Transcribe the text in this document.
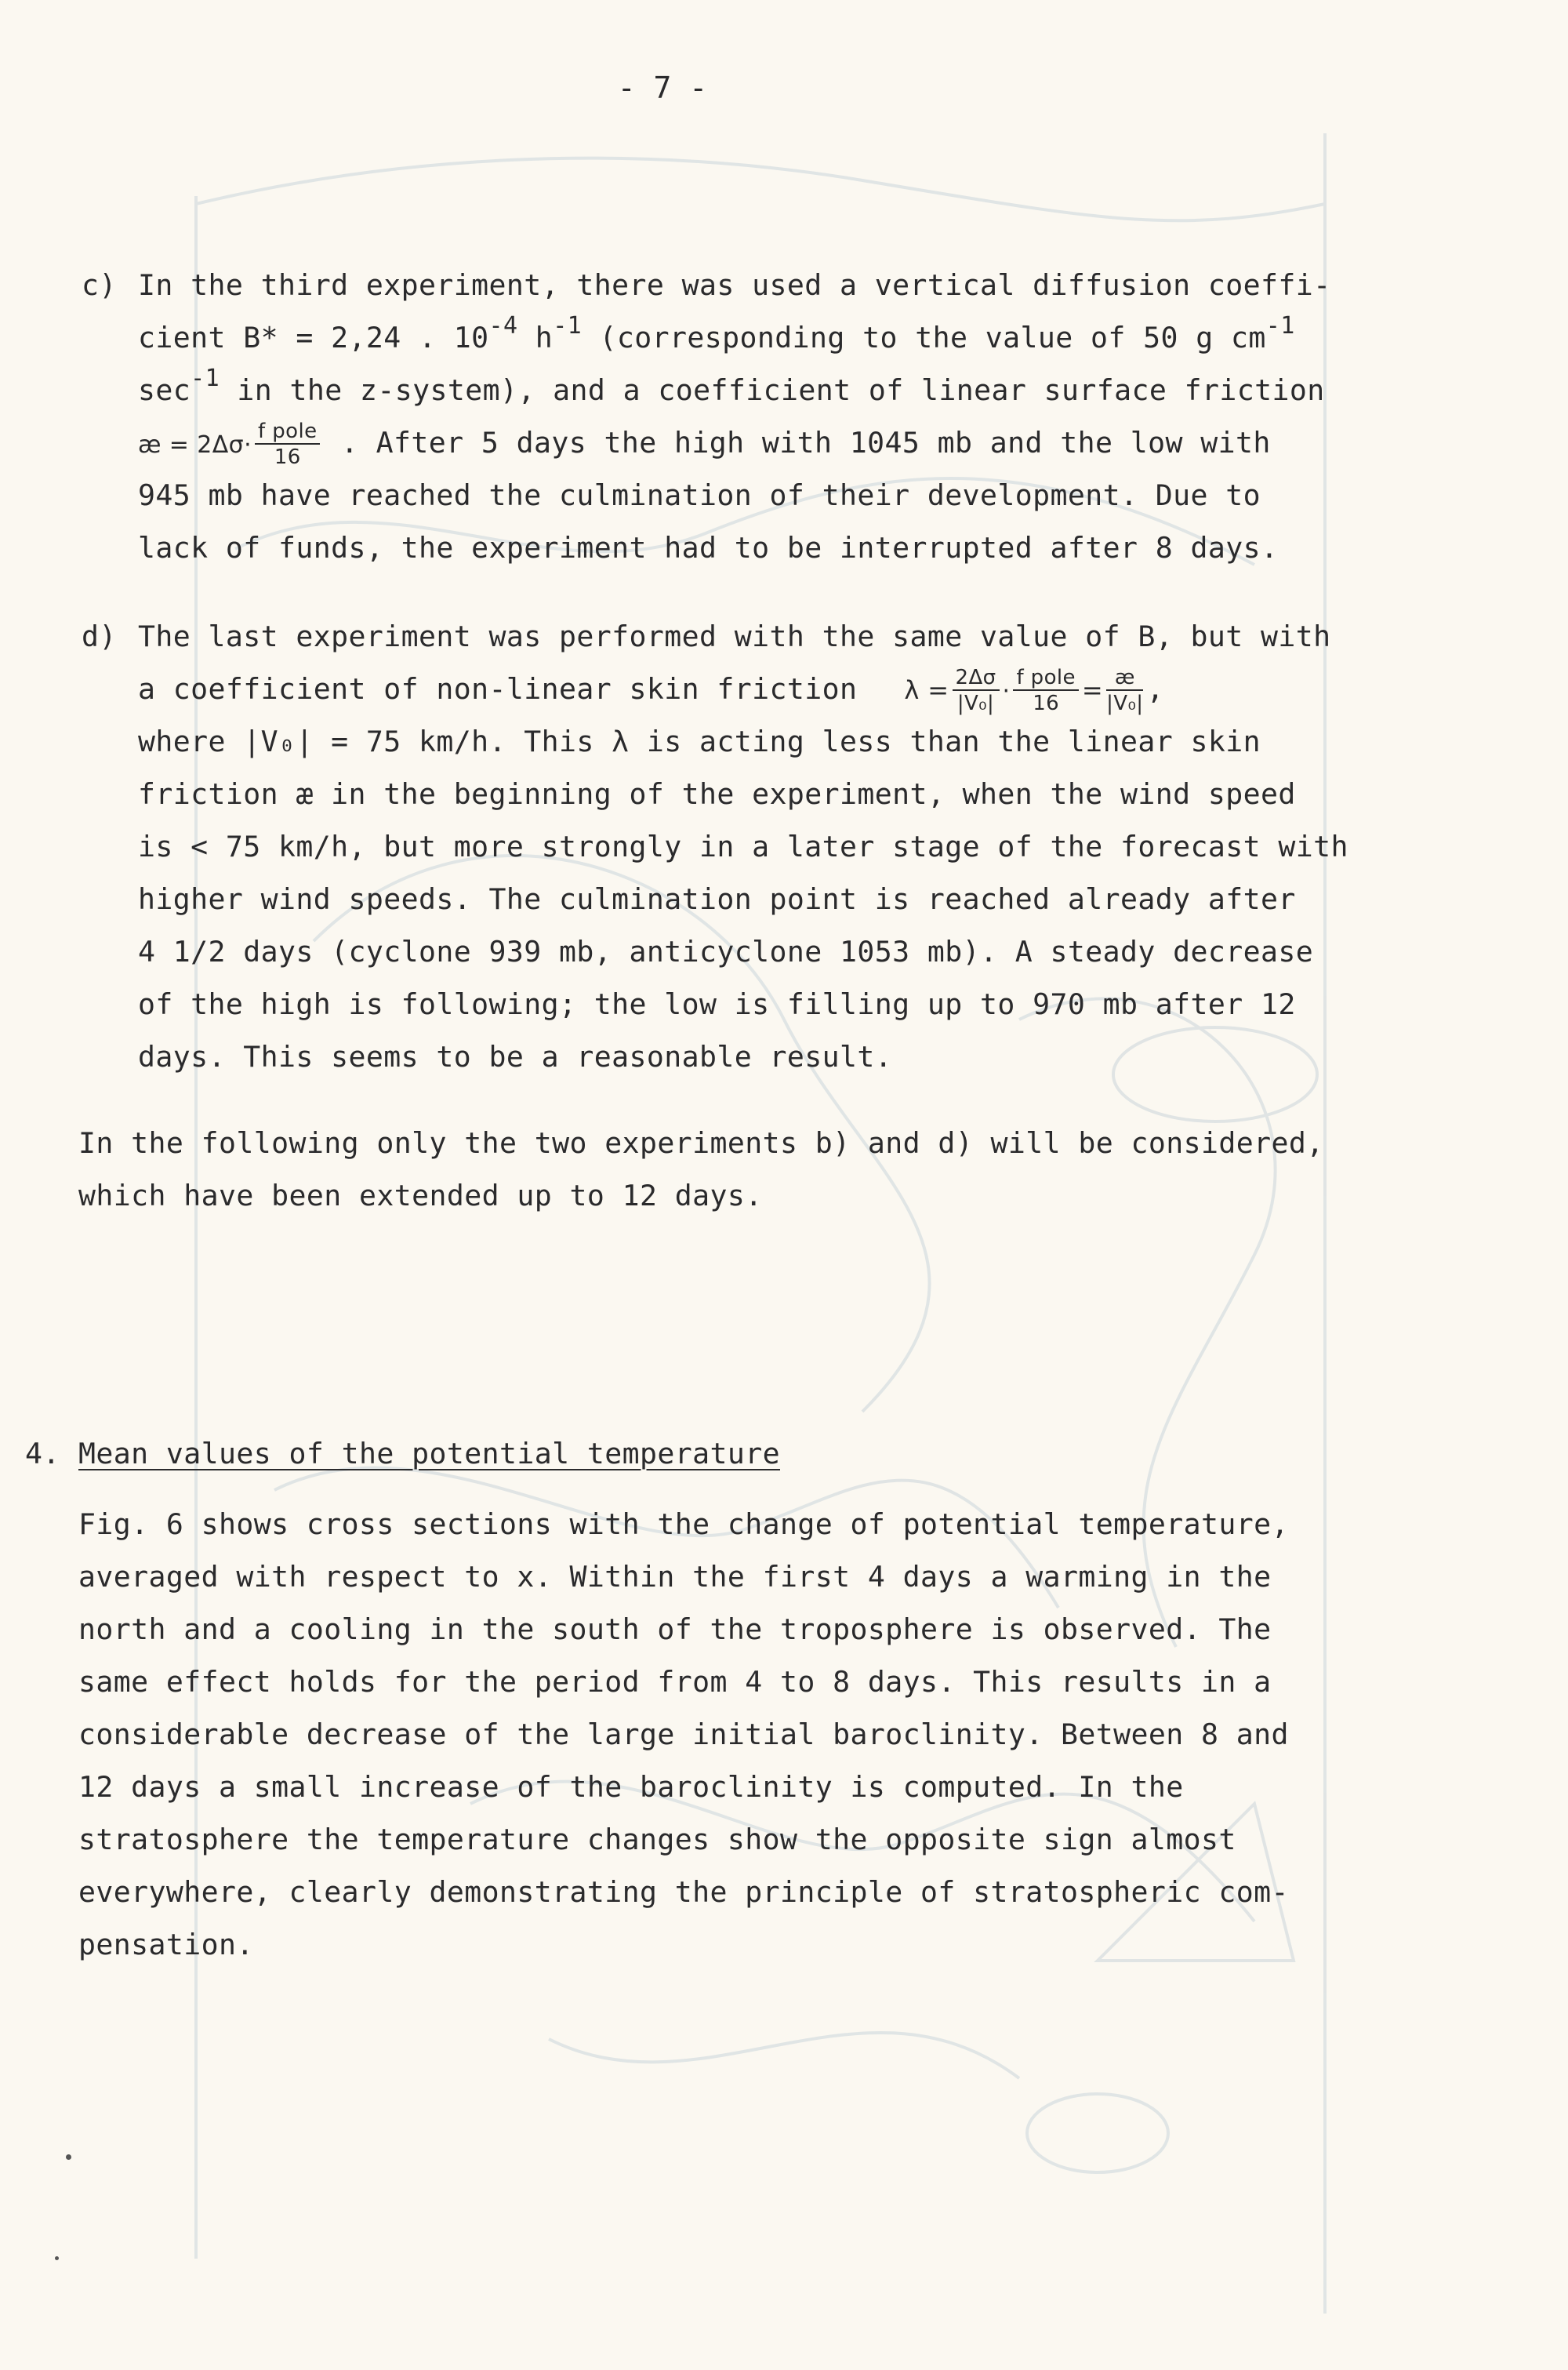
- 7 -
c) In the third experiment, there was used a vertical diffusion coeffi-
cient B* = 2,24 . $10^{-4}$ $h^{-1}$ (corresponding to the value of 50 g $cm^{-1}$
$\sec^{-1}$ in the z-system), and a coefficient of linear surface friction
æ = $2\Delta\sigma\cdot \frac{\text{f pole}}{16}$ . After 5 days the high with 1045 mb and the low with
945 mb have reached the culmination of their development. Due to
lack of funds, the experiment had to be interrupted after 8 days.
d) The last experiment was performed with the same value of B, but with
a coefficient of non-linear skin friction $\lambda = \frac{2\Delta\sigma}{\text{|V₀|}} \cdot \frac{\text{f pole}}{16} = \frac{æ}{\text{|V₀|}}$ ,
where |V₀| = 75 km/h. This λ is acting less than the linear skin
friction æ in the beginning of the experiment, when the wind speed
is < 75 km/h, but more strongly in a later stage of the forecast with
higher wind speeds. The culmination point is reached already after
4 1/2 days (cyclone 939 mb, anticyclone 1053 mb). A steady decrease
of the high is following; the low is filling up to 970 mb after 12
days. This seems to be a reasonable result.
In the following only the two experiments b) and d) will be considered,
which have been extended up to 12 days.
4. Mean values of the potential temperature
Fig. 6 shows cross sections with the change of potential temperature,
averaged with respect to x. Within the first 4 days a warming in the
north and a cooling in the south of the troposphere is observed. The
same effect holds for the period from 4 to 8 days. This results in a
considerable decrease of the large initial baroclinity. Between 8 and
12 days a small increase of the baroclinity is computed. In the
stratosphere the temperature changes show the opposite sign almost
everywhere, clearly demonstrating the principle of stratospheric com-
pensation.
